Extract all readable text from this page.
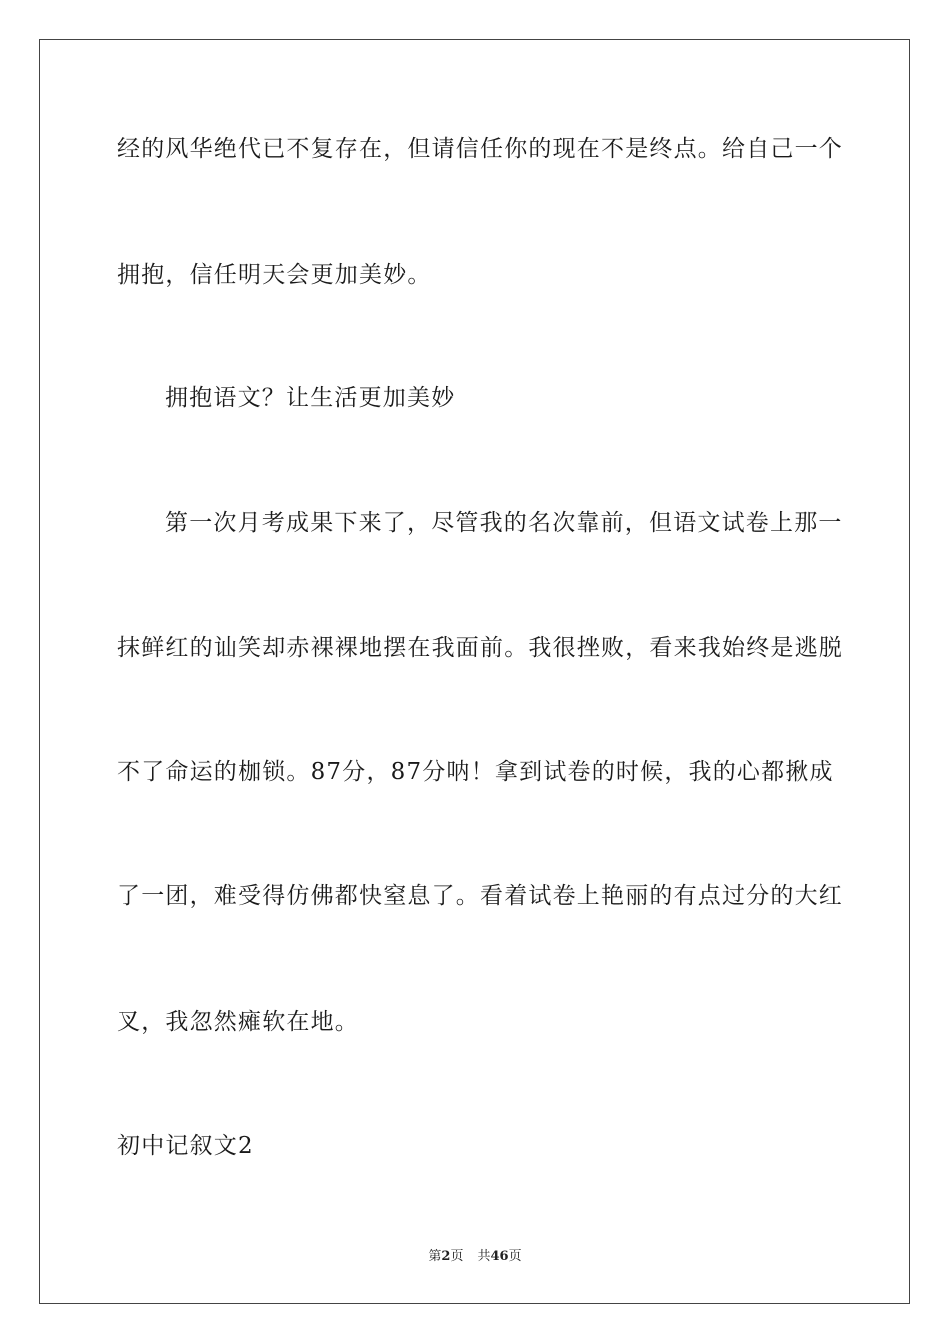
经的风华绝代已不复存在，但请信任你的现在不是终点。给自己一个
拥抱，信任明天会更加美妙。
拥抱语文？让生活更加美妙
第一次月考成果下来了，尽管我的名次靠前，但语文试卷上那一
抹鲜红的讪笑却赤裸裸地摆在我面前。我很挫败，看来我始终是逃脱
不了命运的枷锁。87分，87分呐！拿到试卷的时候，我的心都揪成
了一团，难受得仿佛都快窒息了。看着试卷上艳丽的有点过分的大红
叉，我忽然瘫软在地。
初中记叙文2
第2页 共46页
